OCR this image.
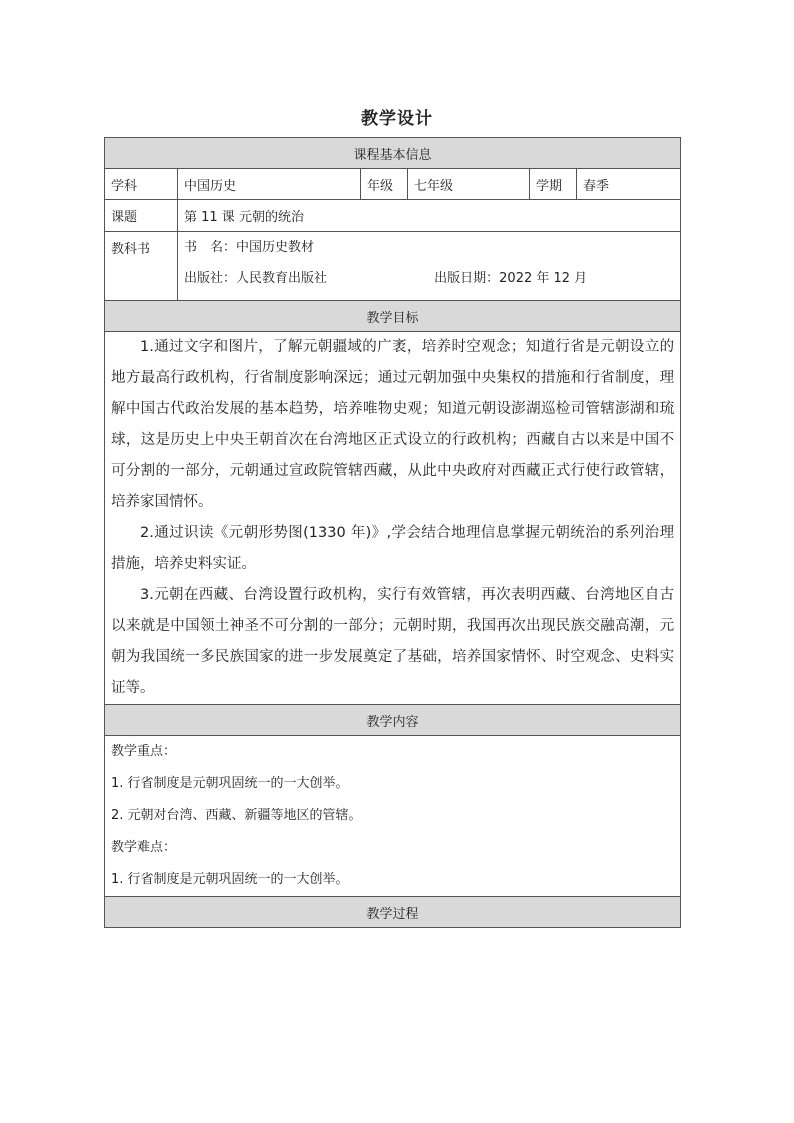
教学设计
课程基本信息					
学科	中国历史	年级	七年级	学期	春季
课题	第 11 课 元朝的统治				
教科书	书　名：中国历史教材
出版社：人民教育出版社 出版日期：2022 年 12 月				

教学目标					

1.通过文字和图片，了解元朝疆域的广袤，培养时空观念；知道行省是元朝设立的地方最高行政机构，行省制度影响深远；通过元朝加强中央集权的措施和行省制度，理解中国古代政治发展的基本趋势，培养唯物史观；知道元朝设澎湖巡检司管辖澎湖和琉球，这是历史上中央王朝首次在台湾地区正式设立的行政机构；西藏自古以来是中国不可分割的一部分，元朝通过宣政院管辖西藏，从此中央政府对西藏正式行使行政管辖，培养家国情怀。

2.通过识读《元朝形势图(1330 年)》,学会结合地理信息掌握元朝统治的系列治理措施，培养史料实证。

3.元朝在西藏、台湾设置行政机构，实行有效管辖，再次表明西藏、台湾地区自古以来就是中国领土神圣不可分割的一部分；元朝时期，我国再次出现民族交融高潮，元朝为我国统一多民族国家的进一步发展奠定了基础，培养国家情怀、时空观念、史料实证等。					

教学内容					

教学重点：

1. 行省制度是元朝巩固统一的一大创举。

2. 元朝对台湾、西藏、新疆等地区的管辖。

教学难点：

1. 行省制度是元朝巩固统一的一大创举。					

教学过程					
